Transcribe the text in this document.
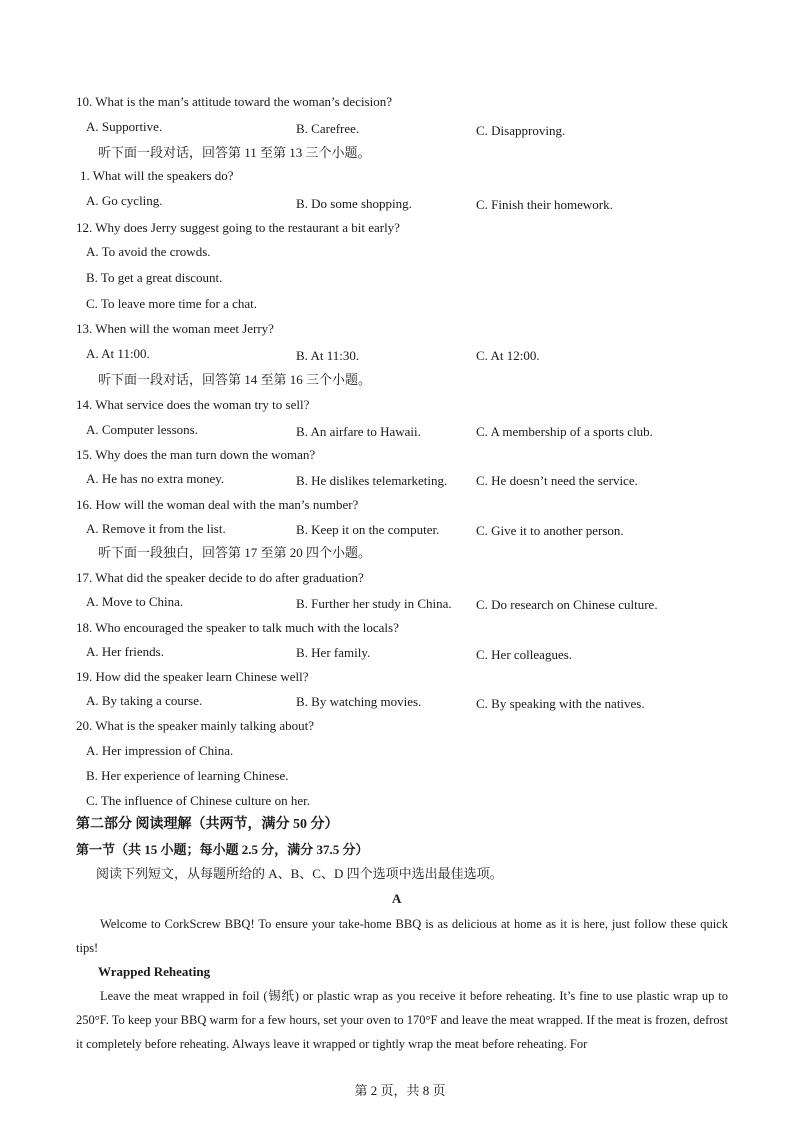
10. What is the man’s attitude toward the woman’s decision?
A. Supportive.	B. Carefree.	C. Disapproving.
听下面一段对话，回答第 11 至第 13 三个小题。
1. What will the speakers do?
A. Go cycling.	B. Do some shopping.	C. Finish their homework.
12. Why does Jerry suggest going to the restaurant a bit early?
A. To avoid the crowds.
B. To get a great discount.
C. To leave more time for a chat.
13. When will the woman meet Jerry?
A. At 11:00.	B. At 11:30.	C. At 12:00.
听下面一段对话，回答第 14 至第 16 三个小题。
14. What service does the woman try to sell?
A. Computer lessons.	B. An airfare to Hawaii.	C. A membership of a sports club.
15. Why does the man turn down the woman?
A. He has no extra money.	B. He dislikes telemarketing. C. He doesn’t need the service.
16. How will the woman deal with the man’s number?
A. Remove it from the list.	B. Keep it on the computer.	C. Give it to another person.
听下面一段独白，回答第 17 至第 20 四个小题。
17. What did the speaker decide to do after graduation?
A. Move to China.	B. Further her study in China. C. Do research on Chinese culture.
18. Who encouraged the speaker to talk much with the locals?
A. Her friends.	B. Her family.	C. Her colleagues.
19. How did the speaker learn Chinese well?
A. By taking a course.	B. By watching movies.	C. By speaking with the natives.
20. What is the speaker mainly talking about?
A. Her impression of China.
B. Her experience of learning Chinese.
C. The influence of Chinese culture on her.
第二部分 阅读理解（共两节，满分 50 分）
第一节（共 15 小题；每小题 2.5 分，满分 37.5 分）
阅读下列短文，从每题所给的 A、B、C、D 四个选项中选出最佳选项。
A
Welcome to CorkScrew BBQ! To ensure your take-home BBQ is as delicious at home as it is here, just follow these quick tips!
Wrapped Reheating
Leave the meat wrapped in foil (锡纸) or plastic wrap as you receive it before reheating. It’s fine to use plastic wrap up to 250°F. To keep your BBQ warm for a few hours, set your oven to 170°F and leave the meat wrapped. If the meat is frozen, defrost it completely before reheating. Always leave it wrapped or tightly wrap the meat before reheating. For
第 2 页，共 8 页
